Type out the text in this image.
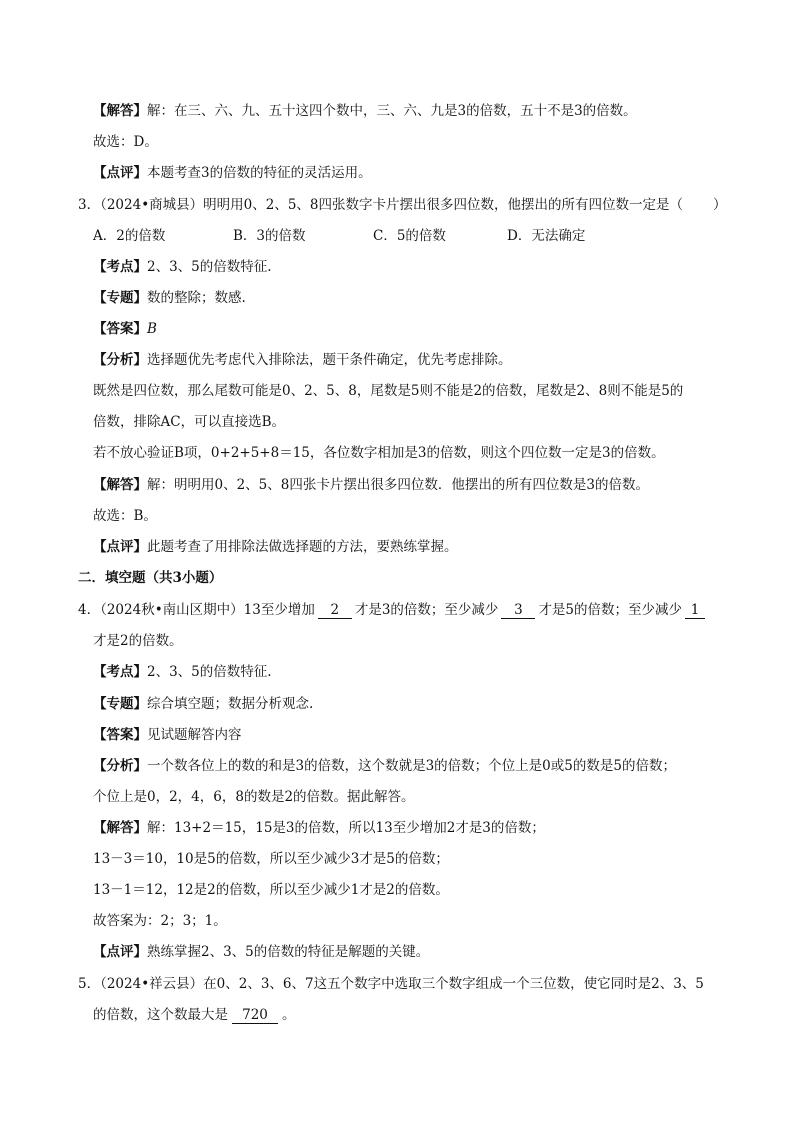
【解答】解：在三、六、九、五十这四个数中，三、六、九是3的倍数，五十不是3的倍数。
故选：D。
【点评】本题考查3的倍数的特征的灵活运用。
3．（2024•商城县）明明用0、2、5、8四张数字卡片摆出很多四位数，他摆出的所有四位数一定是（ ）
A．2的倍数	B．3的倍数	C．5的倍数	D．无法确定
【考点】2、3、5的倍数特征.
【专题】数的整除；数感.
【答案】B
【分析】选择题优先考虑代入排除法，题干条件确定，优先考虑排除。
既然是四位数，那么尾数可能是0、2、5、8，尾数是5则不能是2的倍数，尾数是2、8则不能是5的
倍数，排除AC，可以直接选B。
若不放心验证B项，0+2+5+8＝15，各位数字相加是3的倍数，则这个四位数一定是3的倍数。
【解答】解：明明用0、2、5、8四张卡片摆出很多四位数．他摆出的所有四位数是3的倍数。
故选：B。
【点评】此题考查了用排除法做选择题的方法，要熟练掌握。
二．填空题（共3小题）
4．（2024秋•南山区期中）13至少增加 2 才是3的倍数；至少减少 3 才是5的倍数；至少减少 1
才是2的倍数。
【考点】2、3、5的倍数特征.
【专题】综合填空题；数据分析观念.
【答案】见试题解答内容
【分析】一个数各位上的数的和是3的倍数，这个数就是3的倍数；个位上是0或5的数是5的倍数；
个位上是0，2，4，6，8的数是2的倍数。据此解答。
【解答】解：13+2＝15，15是3的倍数，所以13至少增加2才是3的倍数；
13－3＝10，10是5的倍数，所以至少减少3才是5的倍数；
13－1＝12，12是2的倍数，所以至少减少1才是2的倍数。
故答案为：2；3；1。
【点评】熟练掌握2、3、5的倍数的特征是解题的关键。
5．（2024•祥云县）在0、2、3、6、7这五个数字中选取三个数字组成一个三位数，使它同时是2、3、5
的倍数，这个数最大是 720 。
